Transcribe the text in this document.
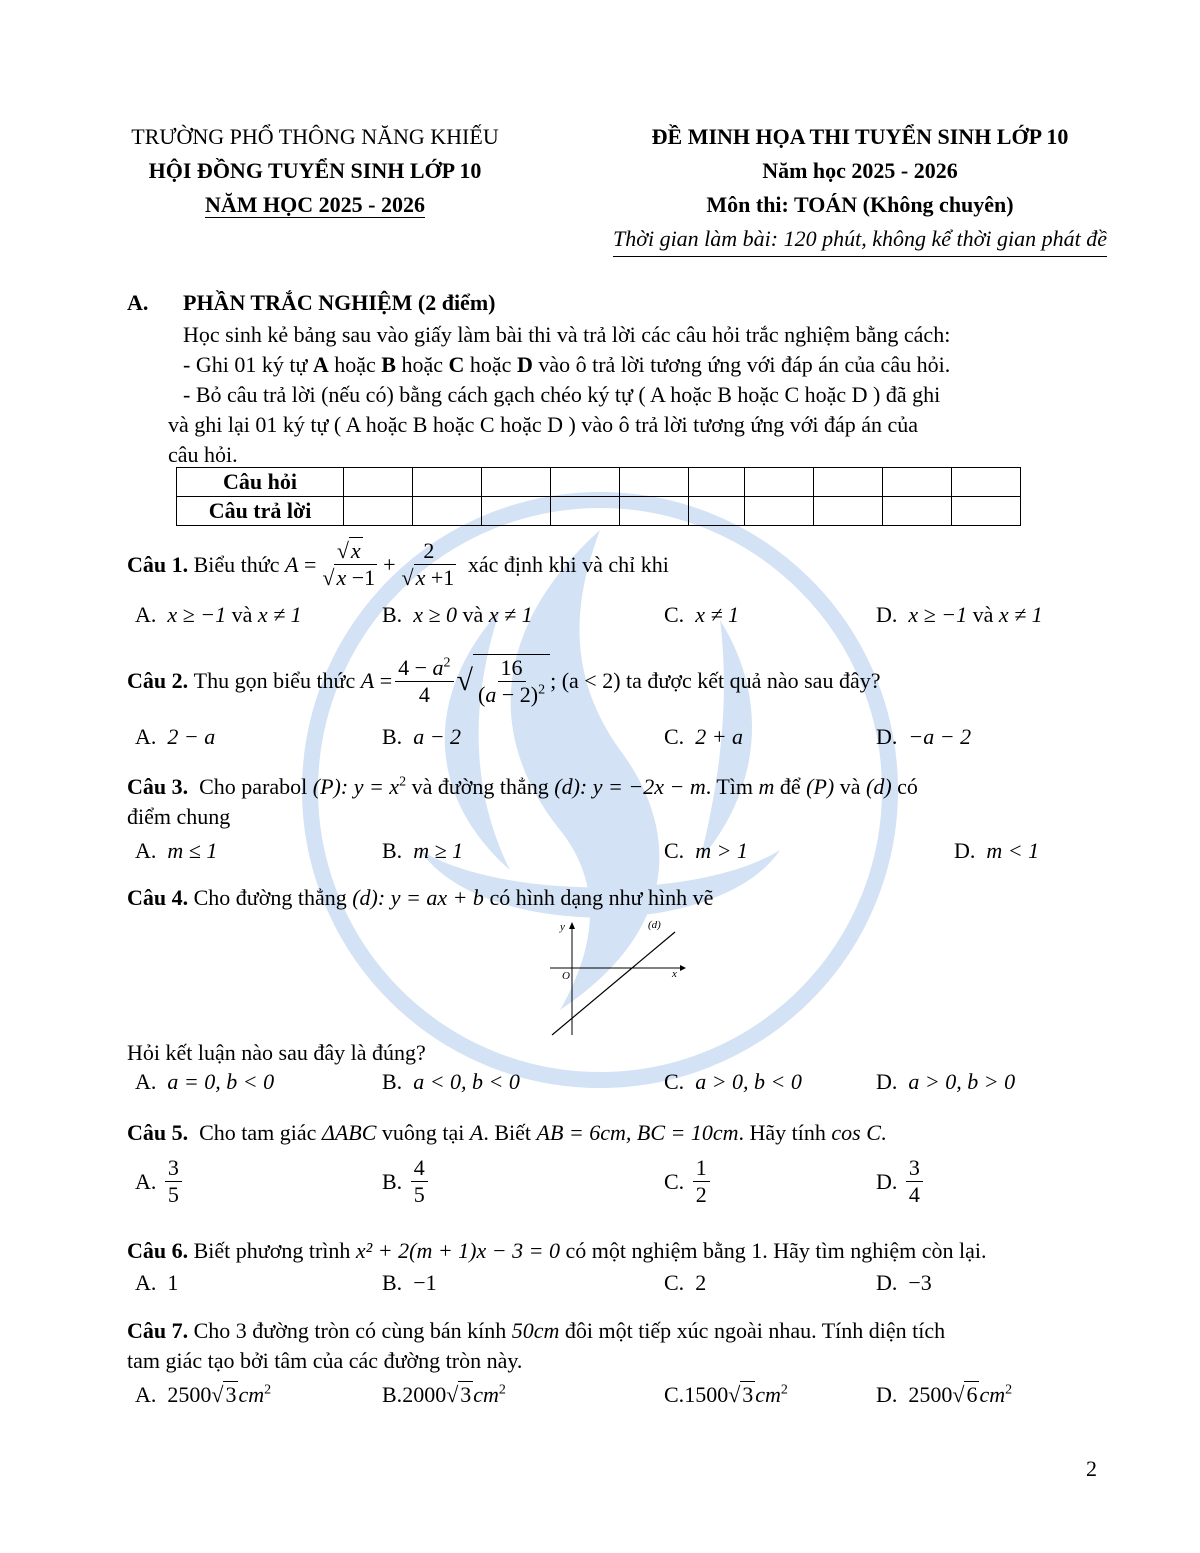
TRƯỜNG PHỔ THÔNG NĂNG KHIẾU
HỘI ĐỒNG TUYỂN SINH LỚP 10
NĂM HỌC 2025 - 2026
ĐỀ MINH HỌA THI TUYỂN SINH LỚP 10
Năm học 2025 - 2026
Môn thi: TOÁN (Không chuyên)
Thời gian làm bài: 120 phút, không kể thời gian phát đề
A. PHẦN TRẮC NGHIỆM (2 điểm)
Học sinh kẻ bảng sau vào giấy làm bài thi và trả lời các câu hỏi trắc nghiệm bằng cách:
- Ghi 01 ký tự A hoặc B hoặc C hoặc D vào ô trả lời tương ứng với đáp án của câu hỏi.
- Bỏ câu trả lời (nếu có) bằng cách gạch chéo ký tự ( A hoặc B hoặc C hoặc D ) đã ghi
và ghi lại 01 ký tự ( A hoặc B hoặc C hoặc D ) vào ô trả lời tương ứng với đáp án của
câu hỏi.
Câu hỏi										
Câu trả lời										
Câu 1.
Biểu thức
$A = \frac{√x}{√x -1} + \frac{2}{√x +1}$
xác định khi và chỉ khi
A. x ≥ −1 và x ≠ 1	B. x ≥ 0 và x ≠ 1	C. x ≠ 1	D. x ≥ −1 và x ≠ 1
Câu 2.
Thu gọn biểu thức
$A = \frac{4 - a^2}{4}$ √ $\frac{16}{(a - 2)^2}$ ; (a < 2)
ta được kết quả nào sau đây?
A. 2 − a	B. a − 2	C. 2 + a	D. −a − 2
Câu 3. Cho parabol (P): $y = x^2$ và đường thẳng (d): y = −2x − m. Tìm m để (P) và (d) có
điểm chung
A. m ≤ 1	B. m ≥ 1	C. m > 1	D. m < 1
Câu 4. Cho đường thẳng (d): y = ax + b có hình dạng như hình vẽ
y
x
O
(d)
Hỏi kết luận nào sau đây là đúng?
A. a = 0, b < 0	B. a < 0, b < 0	C. a > 0, b < 0	D. a > 0, b > 0
Câu 5. Cho tam giác ΔABC vuông tại A. Biết AB = 6cm, BC = 10cm. Hãy tính cos C.
A.
$\frac{3}{5}$	B.
$\frac{4}{5}$	C.
$\frac{1}{2}$	D.
$\frac{3}{4}$
Câu 6. Biết phương trình x² + 2(m + 1)x − 3 = 0 có một nghiệm bằng 1. Hãy tìm nghiệm còn lại.
A. 1	B. −1	C. 2	D. −3
Câu 7. Cho 3 đường tròn có cùng bán kính 50cm đôi một tiếp xúc ngoài nhau. Tính diện tích
tam giác tạo bởi tâm của các đường tròn này.
A. $2500√3cm^2$	$B.2000√3cm^2$	$C.1500√3cm^2$	D. $2500√6cm^2$
2
